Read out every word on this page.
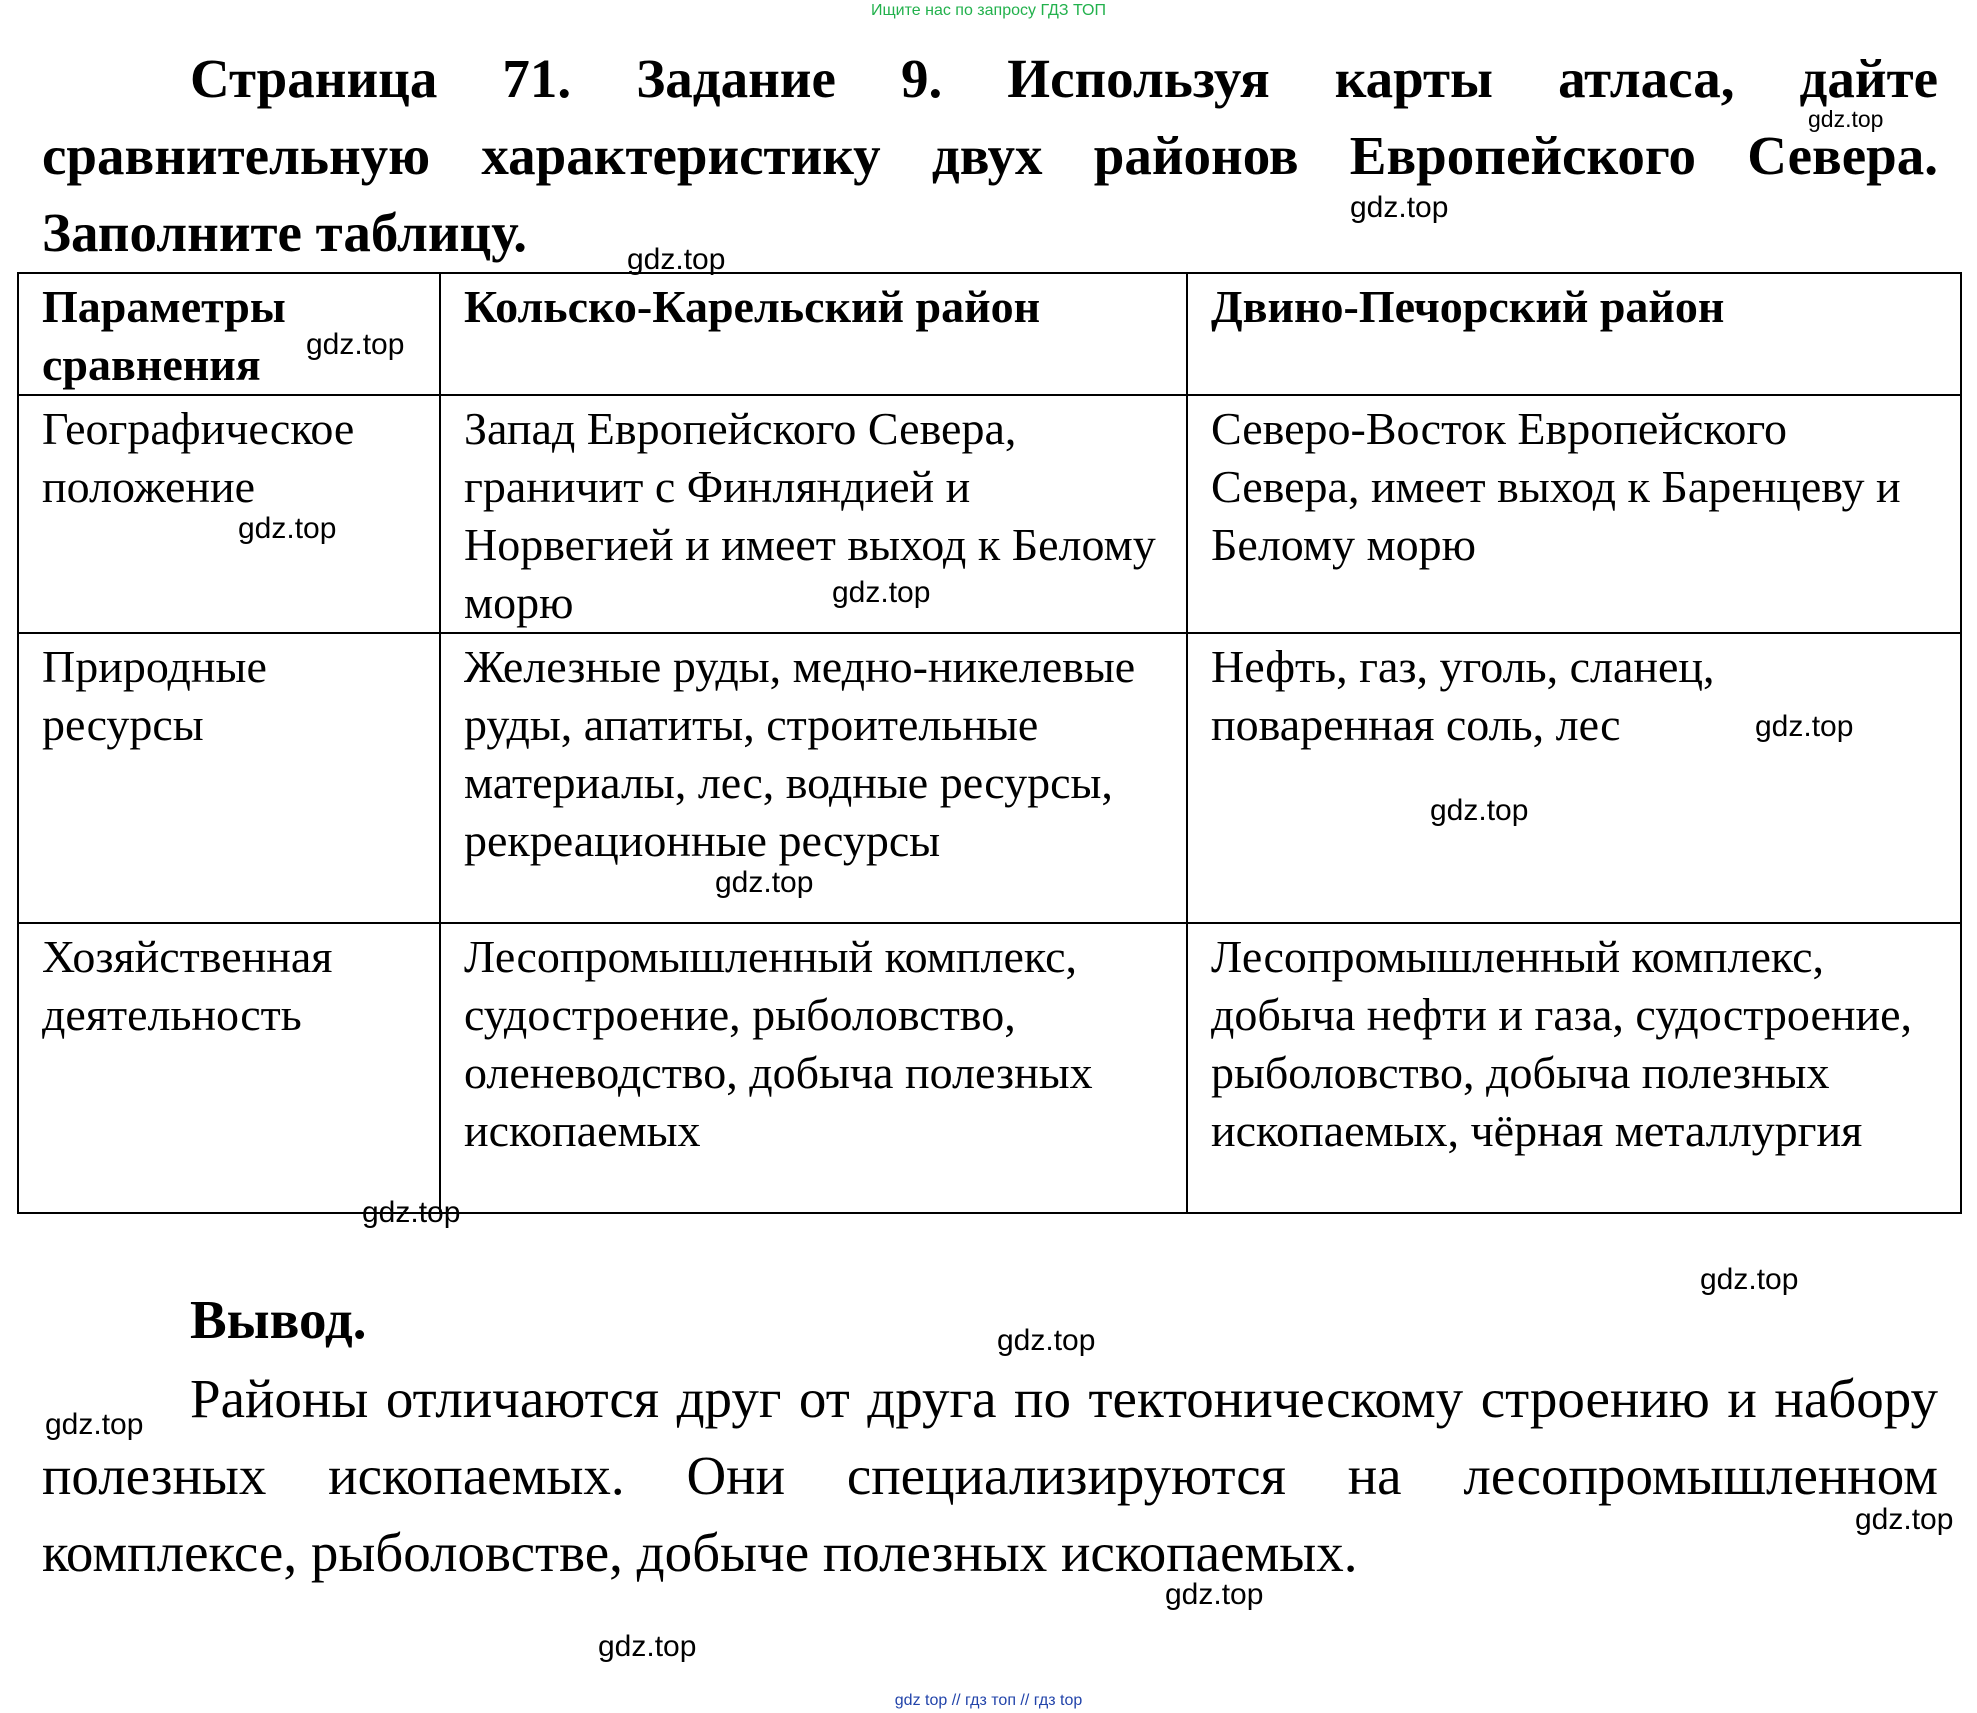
Ищите нас по запросу ГДЗ ТОП
Страница 71. Задание 9. Используя карты атласа, дайте сравнительную характеристику двух районов Европейского Севера. Заполните таблицу.
Параметры сравнения	Кольско-Карельский район	Двино-Печорский район
Географическое положение	Запад Европейского Севера, граничит с Финляндией и Норвегией и имеет выход к Белому морю	Северо-Восток Европейского Севера, имеет выход к Баренцеву и Белому морю
Природные ресурсы	Железные руды, медно-никелевые руды, апатиты, строительные материалы, лес, водные ресурсы, рекреационные ресурсы	Нефть, газ, уголь, сланец, поваренная соль, лес
Хозяйственная деятельность	Лесопромышленный комплекс, судостроение, рыболовство, оленеводство, добыча полезных ископаемых	Лесопромышленный комплекс, добыча нефти и газа, судостроение, рыболовство, добыча полезных ископаемых, чёрная металлургия
Вывод.
Районы отличаются друг от друга по тектоническому строению и набору полезных ископаемых. Они специализируются на лесопромышленном комплексе, рыболовстве, добыче полезных ископаемых.
gdz.top
gdz.top
gdz.top
gdz.top
gdz.top
gdz.top
gdz.top
gdz.top
gdz.top
gdz.top
gdz.top
gdz.top
gdz.top
gdz.top
gdz.top
gdz.top
gdz top // гдз топ // гдз top
